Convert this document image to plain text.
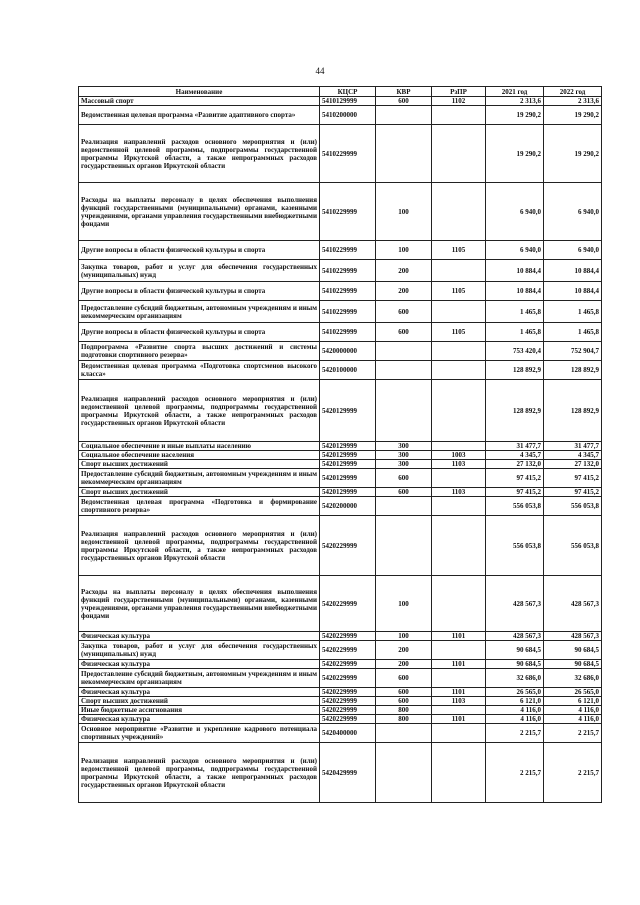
44
Наименование	КЦСР	КВР	РзПР	2021 год	2022 год
Массовый спорт	5410129999	600	1102	2 313,6	2 313,6
Ведомственная целевая программа «Развитие адаптивного спорта»	5410200000			19 290,2	19 290,2
Реализация направлений расходов основного мероприятия и (или) ведомственной целевой программы, подпрограммы государственной программы Иркутской области, а также непрограммных расходов государственных органов Иркутской области	5410229999			19 290,2	19 290,2
Расходы на выплаты персоналу в целях обеспечения выполнения функций государственными (муниципальными) органами, казенными учреждениями, органами управления государственными внебюджетными фондами	5410229999	100		6 940,0	6 940,0
Другие вопросы в области физической культуры и спорта	5410229999	100	1105	6 940,0	6 940,0
Закупка товаров, работ и услуг для обеспечения государственных (муниципальных) нужд	5410229999	200		10 884,4	10 884,4
Другие вопросы в области физической культуры и спорта	5410229999	200	1105	10 884,4	10 884,4
Предоставление субсидий бюджетным, автономным учреждениям и иным некоммерческим организациям	5410229999	600		1 465,8	1 465,8
Другие вопросы в области физической культуры и спорта	5410229999	600	1105	1 465,8	1 465,8
Подпрограмма «Развитие спорта высших достижений и системы подготовки спортивного резерва»	5420000000			753 420,4	752 904,7
Ведомственная целевая программа «Подготовка спортсменов высокого класса»	5420100000			128 892,9	128 892,9
Реализация направлений расходов основного мероприятия и (или) ведомственной целевой программы, подпрограммы государственной программы Иркутской области, а также непрограммных расходов государственных органов Иркутской области	5420129999			128 892,9	128 892,9
Социальное обеспечение и иные выплаты населению	5420129999	300		31 477,7	31 477,7
Социальное обеспечение населения	5420129999	300	1003	4 345,7	4 345,7
Спорт высших достижений	5420129999	300	1103	27 132,0	27 132,0
Предоставление субсидий бюджетным, автономным учреждениям и иным некоммерческим организациям	5420129999	600		97 415,2	97 415,2
Спорт высших достижений	5420129999	600	1103	97 415,2	97 415,2
Ведомственная целевая программа «Подготовка и формирование спортивного резерва»	5420200000			556 053,8	556 053,8
Реализация направлений расходов основного мероприятия и (или) ведомственной целевой программы, подпрограммы государственной программы Иркутской области, а также непрограммных расходов государственных органов Иркутской области	5420229999			556 053,8	556 053,8
Расходы на выплаты персоналу в целях обеспечения выполнения функций государственными (муниципальными) органами, казенными учреждениями, органами управления государственными внебюджетными фондами	5420229999	100		428 567,3	428 567,3
Физическая культура	5420229999	100	1101	428 567,3	428 567,3
Закупка товаров, работ и услуг для обеспечения государственных (муниципальных) нужд	5420229999	200		90 684,5	90 684,5
Физическая культура	5420229999	200	1101	90 684,5	90 684,5
Предоставление субсидий бюджетным, автономным учреждениям и иным некоммерческим организациям	5420229999	600		32 686,0	32 686,0
Физическая культура	5420229999	600	1101	26 565,0	26 565,0
Спорт высших достижений	5420229999	600	1103	6 121,0	6 121,0
Иные бюджетные ассигнования	5420229999	800		4 116,0	4 116,0
Физическая культура	5420229999	800	1101	4 116,0	4 116,0
Основное мероприятие «Развитие и укрепление кадрового потенциала спортивных учреждений»	5420400000			2 215,7	2 215,7
Реализация направлений расходов основного мероприятия и (или) ведомственной целевой программы, подпрограммы государственной программы Иркутской области, а также непрограммных расходов государственных органов Иркутской области	5420429999			2 215,7	2 215,7
